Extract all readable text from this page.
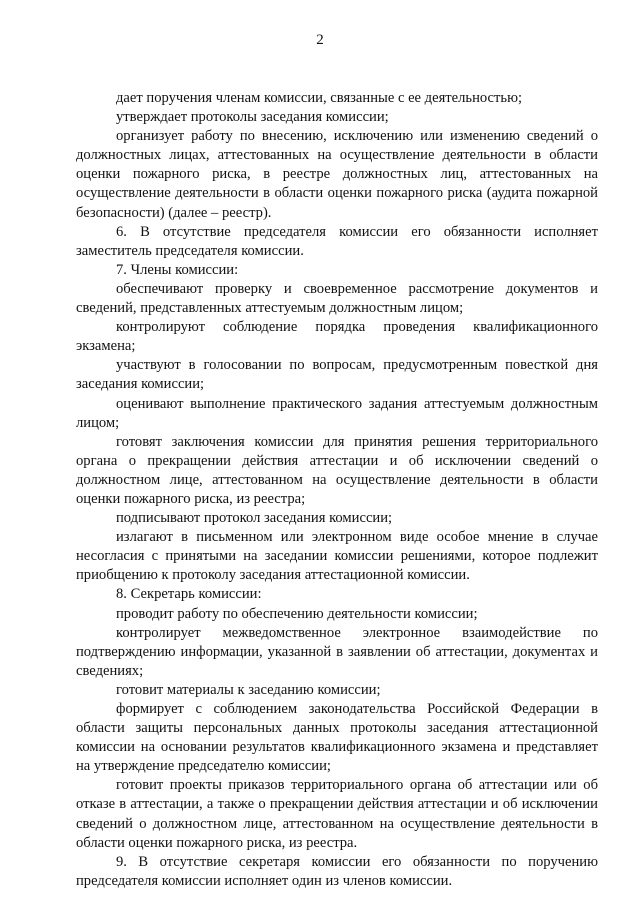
2

дает поручения членам комиссии, связанные с ее деятельностью;

утверждает протоколы заседания комиссии;

организует работу по внесению, исключению или изменению сведений о должностных лицах, аттестованных на осуществление деятельности в области оценки пожарного риска, в реестре должностных лиц, аттестованных на осуществление деятельности в области оценки пожарного риска (аудита пожарной безопасности) (далее – реестр).

6. В отсутствие председателя комиссии его обязанности исполняет заместитель председателя комиссии.

7. Члены комиссии:

обеспечивают проверку и своевременное рассмотрение документов и сведений, представленных аттестуемым должностным лицом;

контролируют соблюдение порядка проведения квалификационного экзамена;

участвуют в голосовании по вопросам, предусмотренным повесткой дня заседания комиссии;

оценивают выполнение практического задания аттестуемым должностным лицом;

готовят заключения комиссии для принятия решения территориального органа о прекращении действия аттестации и об исключении сведений о должностном лице, аттестованном на осуществление деятельности в области оценки пожарного риска, из реестра;

подписывают протокол заседания комиссии;

излагают в письменном или электронном виде особое мнение в случае несогласия с принятыми на заседании комиссии решениями, которое подлежит приобщению к протоколу заседания аттестационной комиссии.

8. Секретарь комиссии:

проводит работу по обеспечению деятельности комиссии;

контролирует межведомственное электронное взаимодействие по подтверждению информации, указанной в заявлении об аттестации, документах и сведениях;

готовит материалы к заседанию комиссии;

формирует с соблюдением законодательства Российской Федерации в области защиты персональных данных протоколы заседания аттестационной комиссии на основании результатов квалификационного экзамена и представляет на утверждение председателю комиссии;

готовит проекты приказов территориального органа об аттестации или об отказе в аттестации, а также о прекращении действия аттестации и об исключении сведений о должностном лице, аттестованном на осуществление деятельности в области оценки пожарного риска, из реестра.

9. В отсутствие секретаря комиссии его обязанности по поручению председателя комиссии исполняет один из членов комиссии.
